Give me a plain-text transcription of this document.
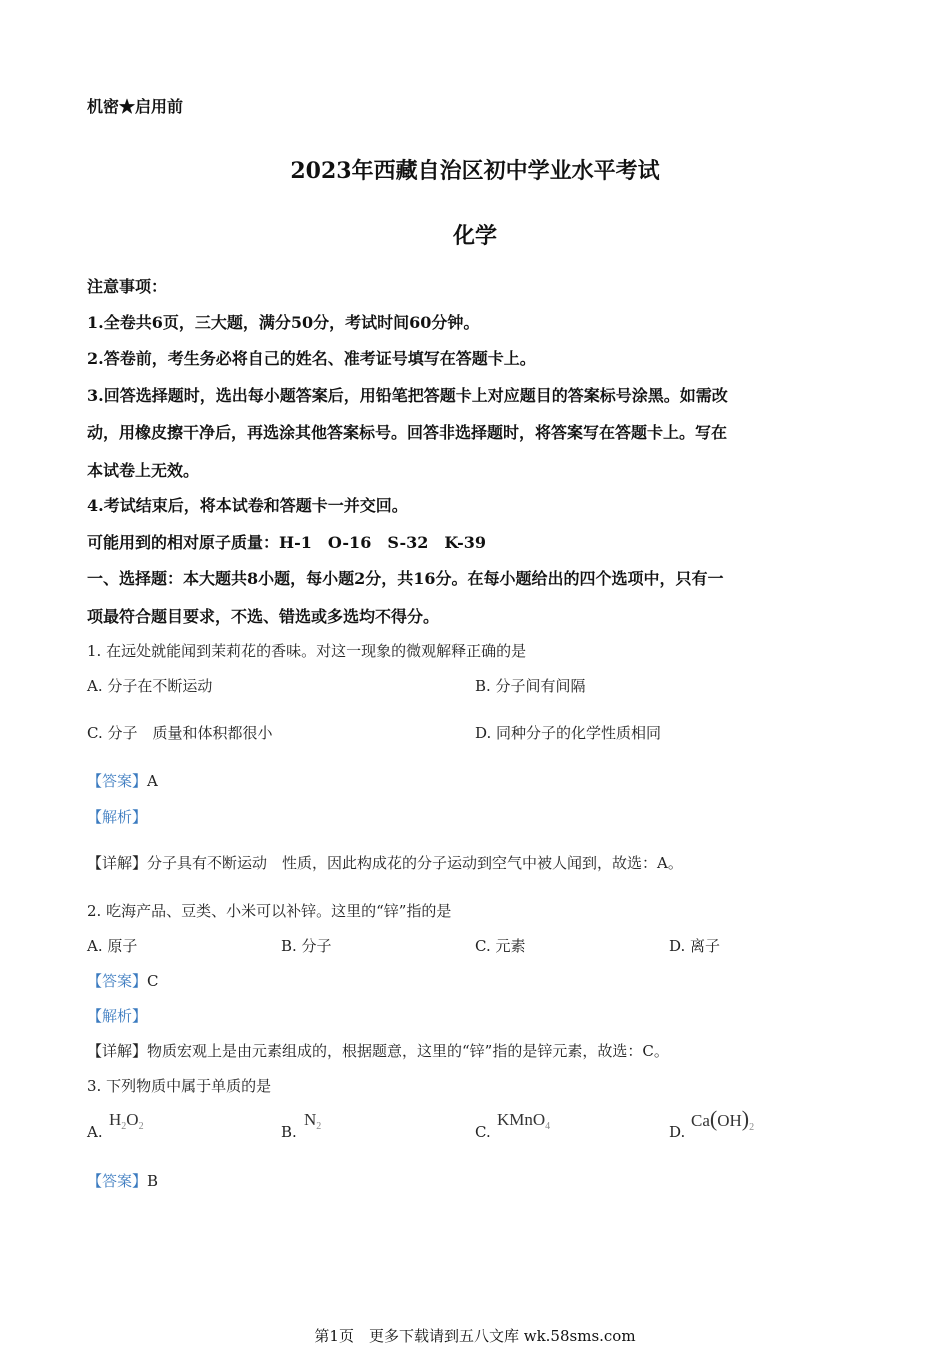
机密★启用前
2023年西藏自治区初中学业水平考试
化学
注意事项：
1.全卷共6页，三大题，满分50分，考试时间60分钟。
2.答卷前，考生务必将自己的姓名、准考证号填写在答题卡上。
3.回答选择题时，选出每小题答案后，用铅笔把答题卡上对应题目的答案标号涂黑。如需改
动，用橡皮擦干净后，再选涂其他答案标号。回答非选择题时，将答案写在答题卡上。写在
本试卷上无效。
4.考试结束后，将本试卷和答题卡一并交回。
可能用到的相对原子质量：H-1　O-16　S-32　K-39
一、选择题：本大题共8小题，每小题2分，共16分。在每小题给出的四个选项中，只有一
项最符合题目要求，不选、错选或多选均不得分。
1. 在远处就能闻到茉莉花的香味。对这一现象的微观解释正确的是
A. 分子在不断运动	B. 分子间有间隔
C. 分子　质量和体积都很小	D. 同种分子的化学性质相同
【答案】A
【解析】
【详解】分子具有不断运动　性质，因此构成花的分子运动到空气中被人闻到，故选：A。
2. 吃海产品、豆类、小米可以补锌。这里的“锌”指的是
A. 原子	B. 分子	C. 元素	D. 离子
【答案】C
【解析】
【详解】物质宏观上是由元素组成的，根据题意，这里的“锌”指的是锌元素，故选：C。
3. 下列物质中属于单质的是
A.
$H_2O_2$	B.
$N_2$	C.
KMnO$_4$	D.
$Ca(OH)_2$
【答案】B
第1页　更多下载请到五八文库 wk.58sms.com
